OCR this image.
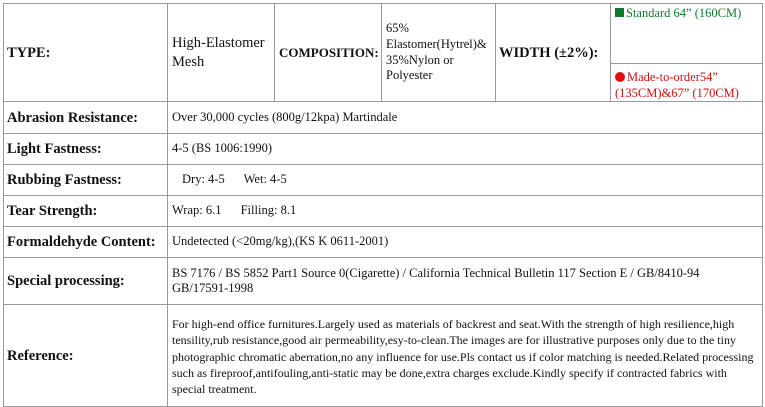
TYPE:	High-Elastomer Mesh	COMPOSITION:	65% Elastomer(Hytrel)& 35%Nylon or Polyester	WIDTH (±2%):	Standard 64” (160CM)
Made-to-order54” (135CM)&67” (170CM)

Abrasion Resistance:	Over 30,000 cycles (800g/12kpa) Martindale				
Light Fastness:	4-5 (BS 1006:1990)				
Rubbing Fastness:	Dry: 4-5 Wet: 4-5				
Tear Strength:	Wrap: 6.1 Filling: 8.1				
Formaldehyde Content:	Undetected (<20mg/kg),(KS K 0611-2001)				
Special processing:	BS 7176 / BS 5852 Part1 Source 0(Cigarette) / California Technical Bulletin 117 Section E / GB/8410-94 GB/17591-1998				
Reference:	For high-end office furnitures.Largely used as materials of backrest and seat.With the strength of high resilience,high tensility,rub resistance,good air permeability,esy-to-clean.The images are for illustrative purposes only due to the tiny photographic chromatic aberration,no any influence for use.Pls contact us if color matching is needed.Related processing such as fireproof,antifouling,anti-static may be done,extra charges exclude.Kindly specify if contracted fabrics with special treatment.				
